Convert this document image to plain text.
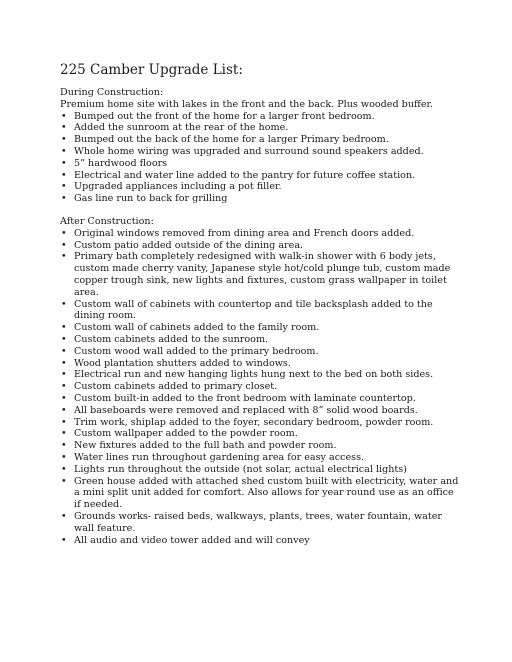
225 Camber Upgrade List:

During Construction:

Premium home site with lakes in the front and the back. Plus wooded buffer.

• Bumped out the front of the home for a larger front bedroom.
• Added the sunroom at the rear of the home.
• Bumped out the back of the home for a larger Primary bedroom.
• Whole home wiring was upgraded and surround sound speakers added.
• 5” hardwood floors
• Electrical and water line added to the pantry for future coffee station.
• Upgraded appliances including a pot filler.
• Gas line run to back for grilling

After Construction:

• Original windows removed from dining area and French doors added.
• Custom patio added outside of the dining area.
• Primary bath completely redesigned with walk-in shower with 6 body jets, custom made cherry vanity, Japanese style hot/cold plunge tub, custom made copper trough sink, new lights and fixtures, custom grass wallpaper in toilet area.
• Custom wall of cabinets with countertop and tile backsplash added to the dining room.
• Custom wall of cabinets added to the family room.
• Custom cabinets added to the sunroom.
• Custom wood wall added to the primary bedroom.
• Wood plantation shutters added to windows.
• Electrical run and new hanging lights hung next to the bed on both sides.
• Custom cabinets added to primary closet.
• Custom built-in added to the front bedroom with laminate countertop.
• All baseboards were removed and replaced with 8” solid wood boards.
• Trim work, shiplap added to the foyer, secondary bedroom, powder room.
• Custom wallpaper added to the powder room.
• New fixtures added to the full bath and powder room.
• Water lines run throughout gardening area for easy access.
• Lights run throughout the outside (not solar, actual electrical lights)
• Green house added with attached shed custom built with electricity, water and a mini split unit added for comfort. Also allows for year round use as an office if needed.
• Grounds works- raised beds, walkways, plants, trees, water fountain, water wall feature.
• All audio and video tower added and will convey
